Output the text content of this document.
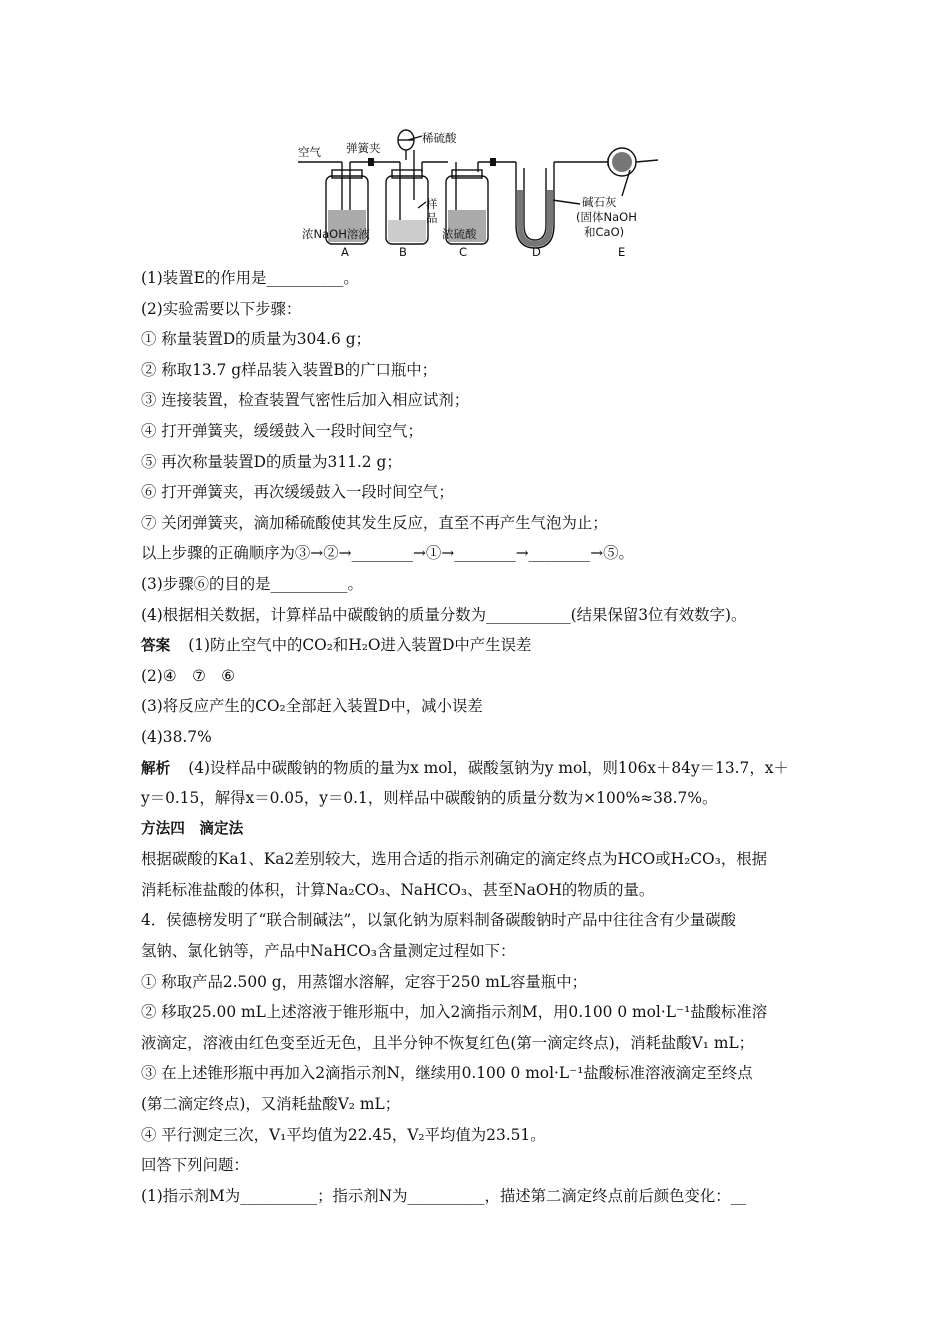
空气 弹簧夹
稀硫酸
浓NaOH溶液
样
品
浓硫酸
碱石灰
(固体NaOH
和CaO)
A	B	C	D	E
(1)装置E的作用是__________。
(2)实验需要以下步骤：
① 称量装置D的质量为304.6 g；
② 称取13.7 g样品装入装置B的广口瓶中；
③ 连接装置，检查装置气密性后加入相应试剂；
④ 打开弹簧夹，缓缓鼓入一段时间空气；
⑤ 再次称量装置D的质量为311.2 g；
⑥ 打开弹簧夹，再次缓缓鼓入一段时间空气；
⑦ 关闭弹簧夹，滴加稀硫酸使其发生反应，直至不再产生气泡为止；
以上步骤的正确顺序为③→②→________→①→________→________→⑤。
(3)步骤⑥的目的是__________。
(4)根据相关数据，计算样品中碳酸钠的质量分数为___________(结果保留3位有效数字)。
答案 (1)防止空气中的CO₂和H₂O进入装置D中产生误差
(2)④　⑦　⑥
(3)将反应产生的CO₂全部赶入装置D中，减小误差
(4)38.7%
解析 (4)设样品中碳酸钠的物质的量为x mol，碳酸氢钠为y mol，则106x＋84y＝13.7，x＋
y＝0.15，解得x＝0.05，y＝0.1，则样品中碳酸钠的质量分数为×100%≈38.7%。
方法四　滴定法
根据碳酸的Ka1、Ka2差别较大，选用合适的指示剂确定的滴定终点为HCO或H₂CO₃，根据
消耗标准盐酸的体积，计算Na₂CO₃、NaHCO₃、甚至NaOH的物质的量。
4．侯德榜发明了“联合制碱法”，以氯化钠为原料制备碳酸钠时产品中往往含有少量碳酸
氢钠、氯化钠等，产品中NaHCO₃含量测定过程如下：
① 称取产品2.500 g，用蒸馏水溶解，定容于250 mL容量瓶中；
② 移取25.00 mL上述溶液于锥形瓶中，加入2滴指示剂M，用0.100 0 mol·L⁻¹盐酸标准溶
液滴定，溶液由红色变至近无色，且半分钟不恢复红色(第一滴定终点)，消耗盐酸V₁ mL；
③ 在上述锥形瓶中再加入2滴指示剂N，继续用0.100 0 mol·L⁻¹盐酸标准溶液滴定至终点
(第二滴定终点)，又消耗盐酸V₂ mL；
④ 平行测定三次，V₁平均值为22.45，V₂平均值为23.51。
回答下列问题：
(1)指示剂M为__________；指示剂N为__________，描述第二滴定终点前后颜色变化：__
